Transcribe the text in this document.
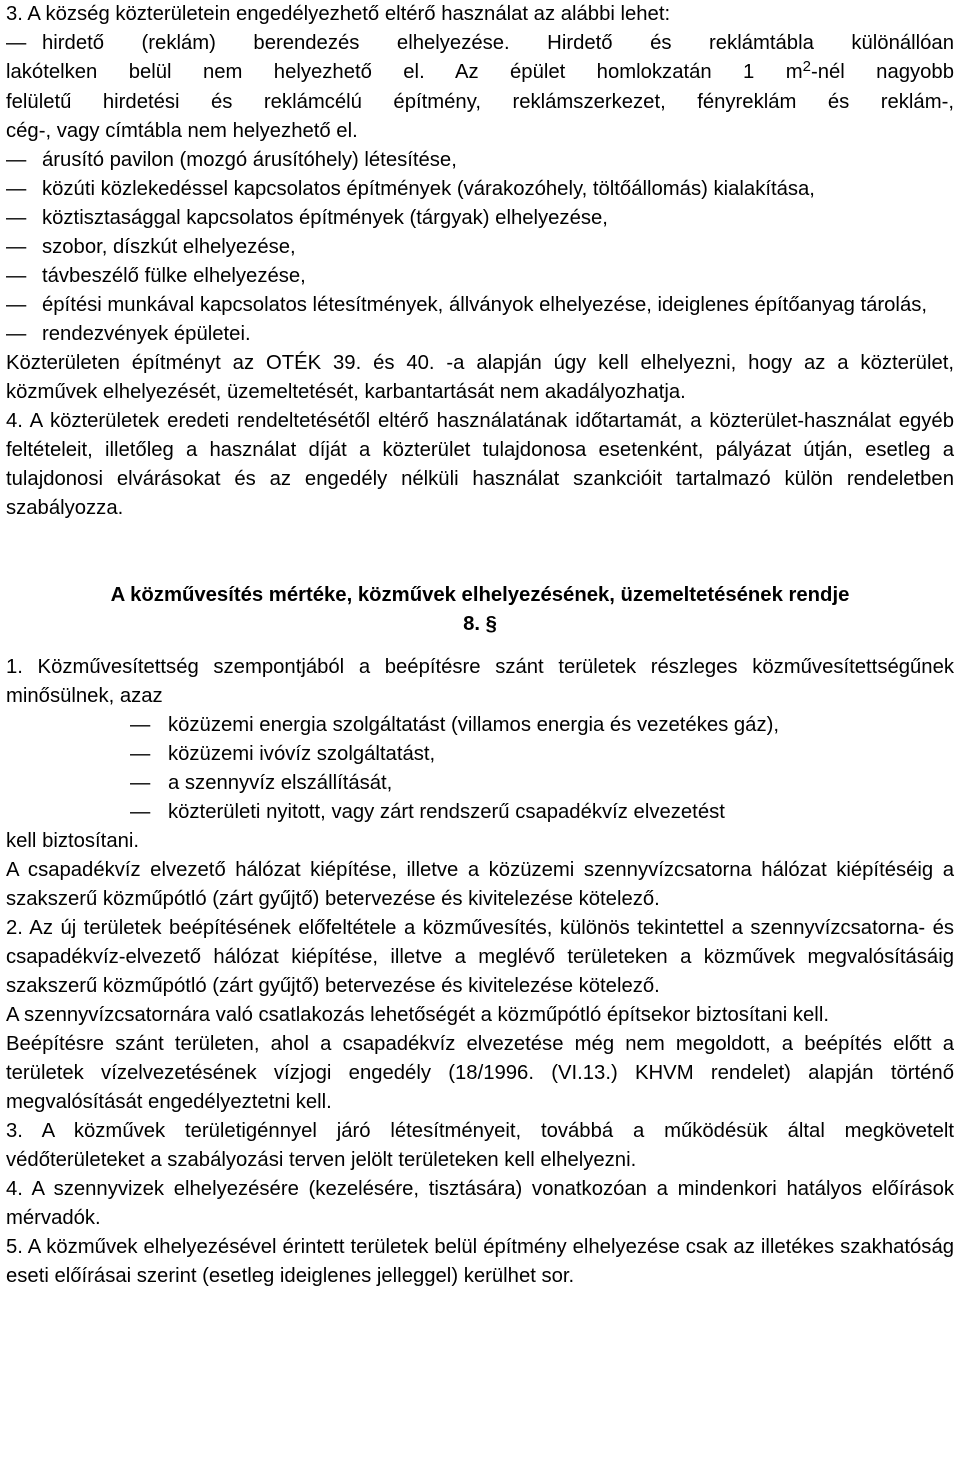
3. A község közterületein engedélyezhető eltérő használat az alábbi lehet:

— hirdető (reklám) berendezés elhelyezése. Hirdető és reklámtábla különállóan

lakótelken belül nem helyezhető el. Az épület homlokzatán 1 $m^2$-nél nagyobb

felületű hirdetési és reklámcélú építmény, reklámszerkezet, fényreklám és reklám-,

cég-, vagy címtábla nem helyezhető el.

— árusító pavilon (mozgó árusítóhely) létesítése,

— közúti közlekedéssel kapcsolatos építmények (várakozóhely, töltőállomás) kialakítása,

— köztisztasággal kapcsolatos építmények (tárgyak) elhelyezése,

— szobor, díszkút elhelyezése,

— távbeszélő fülke elhelyezése,

— építési munkával kapcsolatos létesítmények, állványok elhelyezése, ideiglenes építőanyag tárolás,

— rendezvények épületei.

Közterületen építményt az OTÉK 39. és 40. -a alapján úgy kell elhelyezni, hogy az a közterület, közművek elhelyezését, üzemeltetését, karbantartását nem akadályozhatja.

4. A közterületek eredeti rendeltetésétől eltérő használatának időtartamát, a közterület-használat egyéb feltételeit, illetőleg a használat díját a közterület tulajdonosa esetenként, pályázat útján, esetleg a tulajdonosi elvárásokat és az engedély nélküli használat szankcióit tartalmazó külön rendeletben szabályozza.

A közművesítés mértéke, közművek elhelyezésének, üzemeltetésének rendje

8. §

1. Közművesítettség szempontjából a beépítésre szánt területek részleges közművesítettségűnek minősülnek, azaz

— közüzemi energia szolgáltatást (villamos energia és vezetékes gáz),

— közüzemi ivóvíz szolgáltatást,

— a szennyvíz elszállítását,

— közterületi nyitott, vagy zárt rendszerű csapadékvíz elvezetést

kell biztosítani.

A csapadékvíz elvezető hálózat kiépítése, illetve a közüzemi szennyvízcsatorna hálózat kiépítéséig a szakszerű közműpótló (zárt gyűjtő) betervezése és kivitelezése kötelező.

2. Az új területek beépítésének előfeltétele a közművesítés, különös tekintettel a szennyvízcsatorna- és csapadékvíz-elvezető hálózat kiépítése, illetve a meglévő területeken a közművek megvalósításáig szakszerű közműpótló (zárt gyűjtő) betervezése és kivitelezése kötelező.

A szennyvízcsatornára való csatlakozás lehetőségét a közműpótló építsekor biztosítani kell.

Beépítésre szánt területen, ahol a csapadékvíz elvezetése még nem megoldott, a beépítés előtt a területek vízelvezetésének vízjogi engedély (18/1996. (VI.13.) KHVM rendelet) alapján történő megvalósítását engedélyeztetni kell.

3. A közművek területigénnyel járó létesítményeit, továbbá a működésük által megkövetelt védőterületeket a szabályozási terven jelölt területeken kell elhelyezni.

4. A szennyvizek elhelyezésére (kezelésére, tisztására) vonatkozóan a mindenkori hatályos előírások mérvadók.

5. A közművek elhelyezésével érintett területek belül építmény elhelyezése csak az illetékes szakhatóság eseti előírásai szerint (esetleg ideiglenes jelleggel) kerülhet sor.
